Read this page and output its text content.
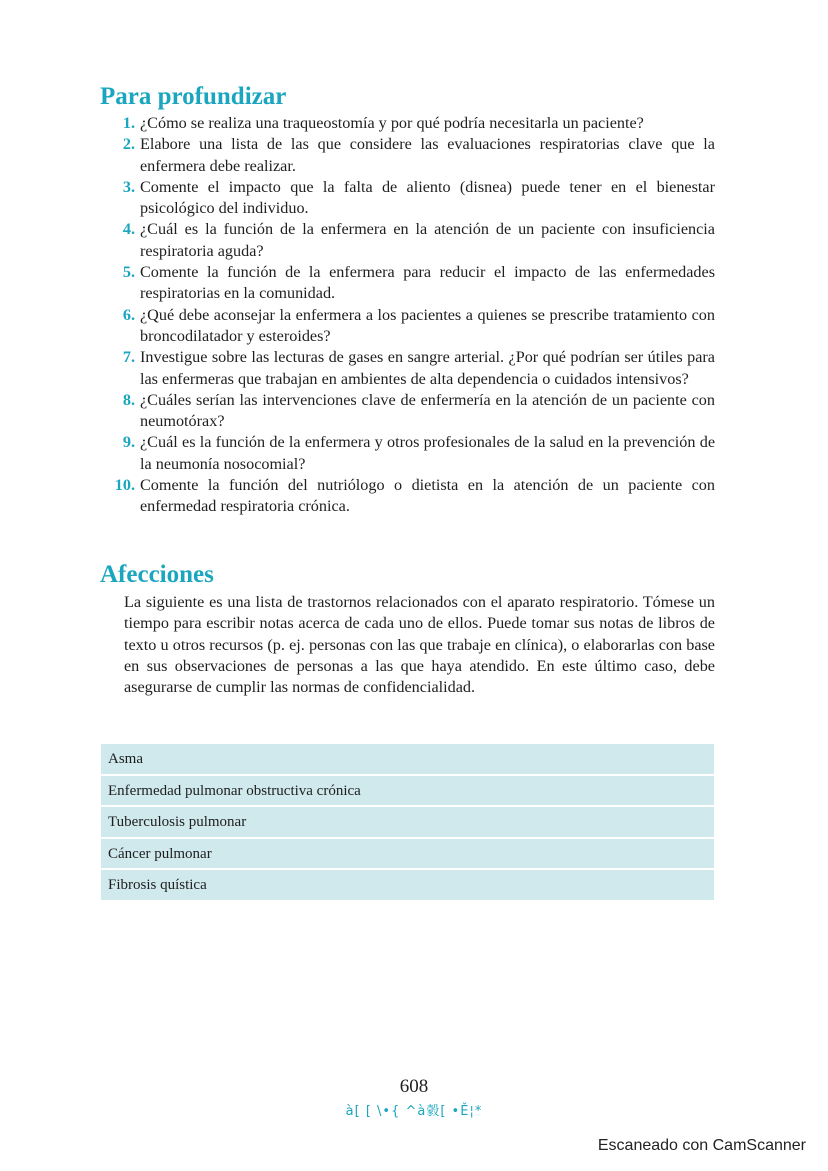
Para profundizar
1. ¿Cómo se realiza una traqueostomía y por qué podría necesitarla un paciente?
2. Elabore una lista de las que considere las evaluaciones respiratorias clave que la enfermera debe realizar.
3. Comente el impacto que la falta de aliento (disnea) puede tener en el bienestar psicológico del individuo.
4. ¿Cuál es la función de la enfermera en la atención de un paciente con insuficiencia respiratoria aguda?
5. Comente la función de la enfermera para reducir el impacto de las enfermedades respiratorias en la comunidad.
6. ¿Qué debe aconsejar la enfermera a los pacientes a quienes se prescribe tratamiento con broncodilatador y esteroides?
7. Investigue sobre las lecturas de gases en sangre arterial. ¿Por qué podrían ser útiles para las enfermeras que trabajan en ambientes de alta dependencia o cuidados intensivos?
8. ¿Cuáles serían las intervenciones clave de enfermería en la atención de un paciente con neumotórax?
9. ¿Cuál es la función de la enfermera y otros profesionales de la salud en la prevención de la neumonía nosocomial?
10. Comente la función del nutriólogo o dietista en la atención de un paciente con enfermedad respiratoria crónica.
Afecciones

La siguiente es una lista de trastornos relacionados con el aparato respiratorio. Tómese un tiempo para escribir notas acerca de cada uno de ellos. Puede tomar sus notas de libros de texto u otros recursos (p. ej. personas con las que trabaje en clínica), o elaborarlas con base en sus observaciones de personas a las que haya atendido. En este último caso, debe asegurarse de cumplir las normas de confidencialidad.

Asma
Enfermedad pulmonar obstructiva crónica
Tuberculosis pulmonar
Cáncer pulmonar
Fibrosis quística
608
à[ [ \•{ ^à豰[ •Ě¦*
Escaneado con CamScanner
